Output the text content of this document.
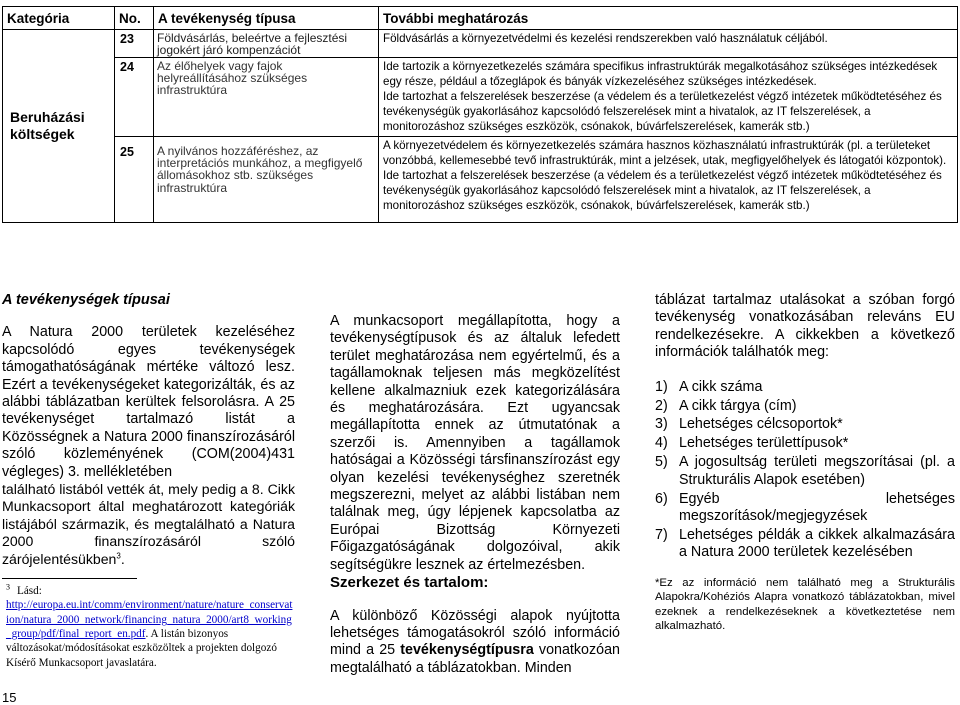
Kategória	No.	A tevékenység típusa	További meghatározás
Beruházási költségek	23	Földvásárlás, beleértve a fejlesztési jogokért járó kompenzációt	Földvásárlás a környezetvédelmi és kezelési rendszerekben való használatuk céljából.
	24	Az élőhelyek vagy fajok helyreállításához szükséges infrastruktúra	Ide tartozik a környezetkezelés számára specifikus infrastruktúrák megalkotásához szükséges intézkedések egy része, például a tőzeglápok és bányák vízkezeléséhez szükséges intézkedések.
Ide tartozhat a felszerelések beszerzése (a védelem és a területkezelést végző intézetek működtetéséhez és tevékenységük gyakorlásához kapcsolódó felszerelések mint a hivatalok, az IT felszerelések, a monitorozáshoz szükséges eszközök, csónakok, búvárfelszerelések, kamerák stb.)

	25	A nyilvános hozzáféréshez, az interpretációs munkához, a megfigyelő állomásokhoz stb. szükséges infrastruktúra	A környezetvédelem és környezetkezelés számára hasznos közhasználatú infrastruktúrák (pl. a területeket vonzóbbá, kellemesebbé tevő infrastruktúrák, mint a jelzések, utak, megfigyelőhelyek és látogatói központok).
Ide tartozhat a felszerelések beszerzése (a védelem és a területkezelést végző intézetek működtetéséhez és tevékenységük gyakorlásához kapcsolódó felszerelések mint a hivatalok, az IT felszerelések, a monitorozáshoz szükséges eszközök, csónakok, búvárfelszerelések, kamerák stb.)
A tevékenységek típusai

A Natura 2000 területek kezeléséhez kapcsolódó egyes tevékenységek támogathatóságának mértéke változó lesz. Ezért a tevékenységeket kategorizálták, és az alábbi táblázatban kerültek felsorolásra. A 25 tevékenységet tartalmazó listát a Közösségnek a Natura 2000 finanszírozásáról szóló közleményének (COM(2004)431 végleges) 3. mellékletében

található listából vették át, mely pedig a 8. Cikk Munkacsoport által meghatározott kategóriák listájából származik, és megtalálható a Natura 2000 finanszírozásáról szóló zárójelentésükben$^3$.

$^3$ Lásd:
http://europa.eu.int/comm/environment/nature/nature_conservation/natura_2000_network/financing_natura_2000/art8_working_group/pdf/final_report_en.pdf. A listán bizonyos változásokat/módosításokat eszközöltek a projekten dolgozó Kísérő Munkacsoport javaslatára.

A munkacsoport megállapította, hogy a tevékenységtípusok és az általuk lefedett terület meghatározása nem egyértelmű, és a tagállamoknak teljesen más megközelítést kellene alkalmazniuk ezek kategorizálására és meghatározására. Ezt ugyancsak megállapította ennek az útmutatónak a szerzői is. Amennyiben a tagállamok hatóságai a Közösségi társfinanszírozást egy olyan kezelési tevékenységhez szeretnék megszerezni, melyet az alábbi listában nem találnak meg, úgy lépjenek kapcsolatba az Európai Bizottság Környezeti Főigazgatóságának dolgozóival, akik segítségükre lesznek az értelmezésben.

Szerkezet és tartalom:

A különböző Közösségi alapok nyújtotta lehetséges támogatásokról szóló információ mind a 25 tevékenységtípusra vonatkozóan megtalálható a táblázatokban. Minden

táblázat tartalmaz utalásokat a szóban forgó tevékenység vonatkozásában releváns EU rendelkezésekre. A cikkekben a következő információk találhatók meg:

1) A cikk száma
2) A cikk tárgya (cím)
3) Lehetséges célcsoportok*
4) Lehetséges területtípusok*
5) A jogosultság területi megszorításai (pl. a Strukturális Alapok esetében)
6) Egyéb lehetséges megszorítások/megjegyzések
7) Lehetséges példák a cikkek alkalmazására a Natura 2000 területek kezelésében
*Ez az információ nem található meg a Strukturális Alapokra/Kohéziós Alapra vonatkozó táblázatokban, mivel ezeknek a rendelkezéseknek a következtetése nem alkalmazható.
15
